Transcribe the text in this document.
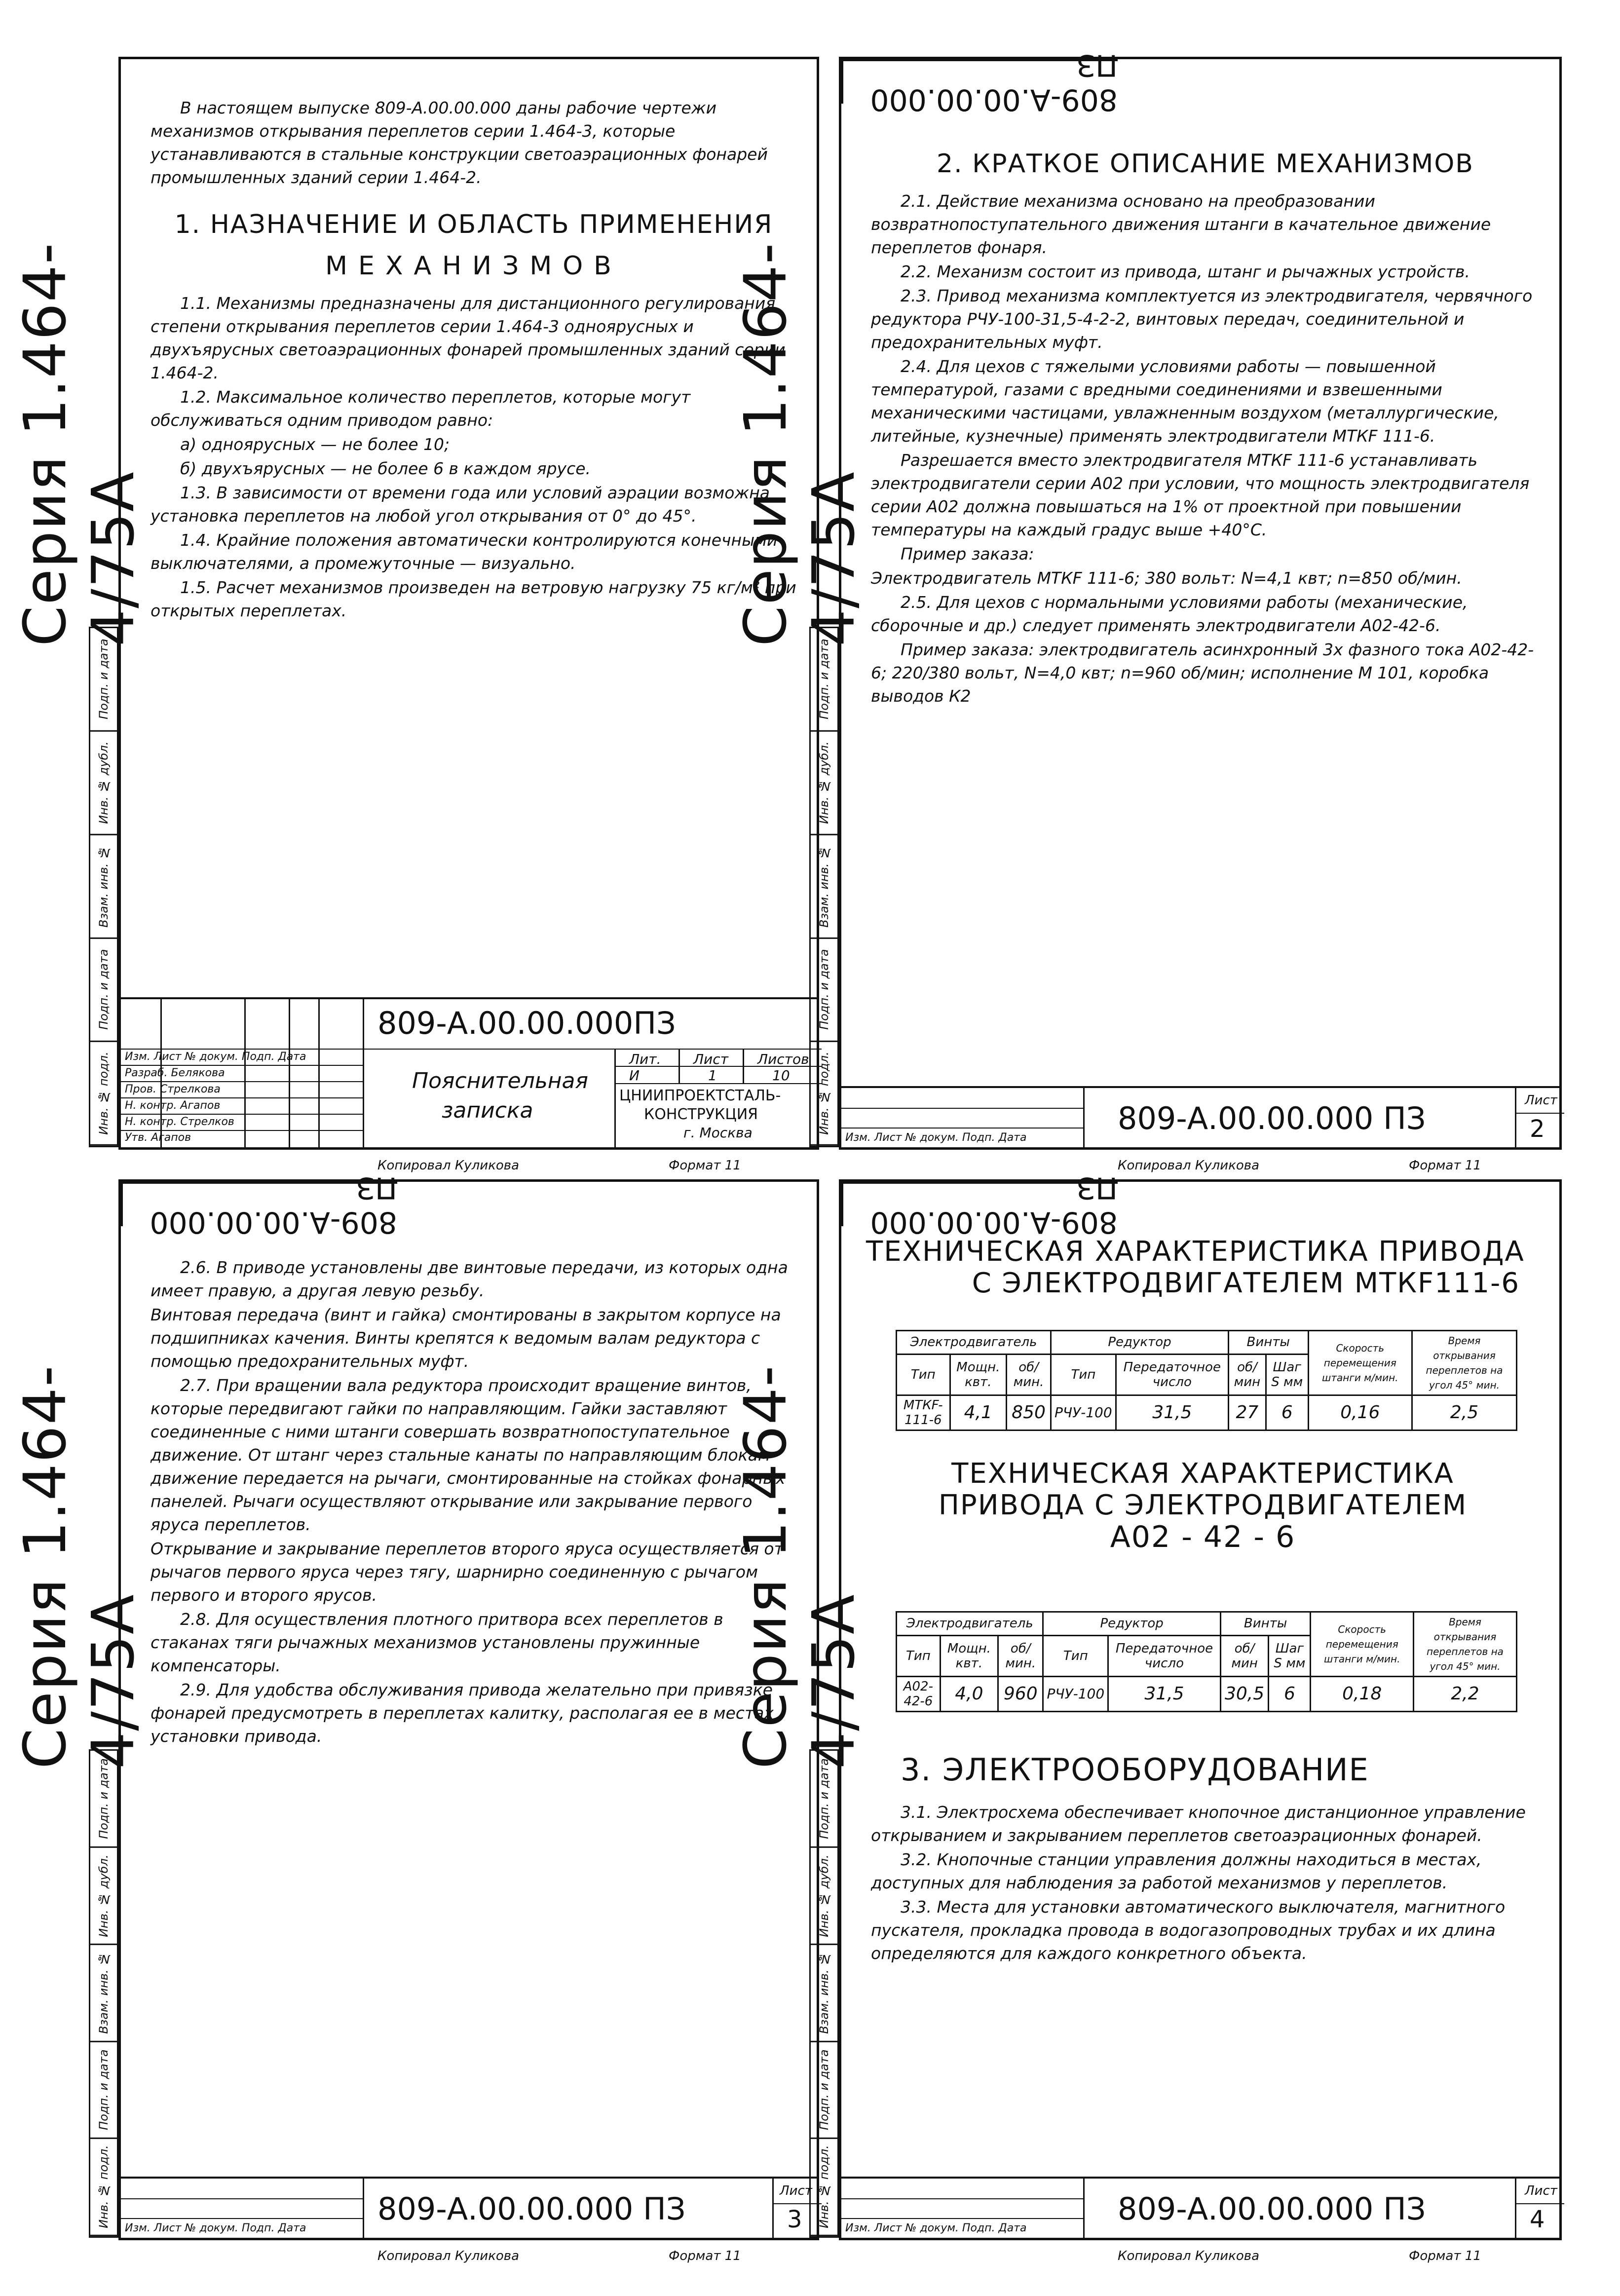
Серия 1.464-4/75А
Инв. № подл.
Подп. и дата
Взам. инв. №
Инв. № дубл.
Подп. и дата

В настоящем выпуске 809-А.00.00.000 даны рабочие чертежи механизмов открывания переплетов серии 1.464-3, которые устанавливаются в стальные конструкции светоаэрационных фонарей промышленных зданий серии 1.464-2.

1. НАЗНАЧЕНИЕ И ОБЛАСТЬ ПРИМЕНЕНИЯ
МЕХАНИЗМОВ

1.1. Механизмы предназначены для дистанционного регулирования степени открывания переплетов серии 1.464-3 одноярусных и двухъярусных светоаэрационных фонарей промышленных зданий серии 1.464-2.

1.2. Максимальное количество переплетов, которые могут обслуживаться одним приводом равно:

а) одноярусных — не более 10;

б) двухъярусных — не более 6 в каждом ярусе.

1.3. В зависимости от времени года или условий аэрации возможна установка переплетов на любой угол открывания от 0° до 45°.

1.4. Крайние положения автоматически контролируются конечными выключателями, а промежуточные — визуально.

1.5. Расчет механизмов произведен на ветровую нагрузку 75 кг/м² при открытых переплетах.

809-А.00.00.000ПЗ
Изм. Лист № докум. Подп. Дата
Разраб. Белякова
Пров. Стрелкова
Н. контр. Агапов
Н. контр. Стрелков
Утв. Агапов
Пояснительная
записка
Лит. Лист Листов
И	1	10
ЦНИИПРОЕКТСТАЛЬ-
КОНСТРУКЦИЯ
г. Москва
Копировал Куликова	Формат 11
Серия 1.464-4/75А
Инв. № подл.
Подп. и дата
Взам. инв. №
Инв. № дубл.
Подп. и дата
809-А.00.00.000 ПЗ
2. КРАТКОЕ ОПИСАНИЕ МЕХАНИЗМОВ

2.1. Действие механизма основано на преобразовании возвратнопоступательного движения штанги в качательное движение переплетов фонаря.

2.2. Механизм состоит из привода, штанг и рычажных устройств.

2.3. Привод механизма комплектуется из электродвигателя, червячного редуктора РЧУ-100-31,5-4-2-2, винтовых передач, соединительной и предохранительных муфт.

2.4. Для цехов с тяжелыми условиями работы — повышенной температурой, газами с вредными соединениями и взвешенными механическими частицами, увлажненным воздухом (металлургические, литейные, кузнечные) применять электродвигатели МТКF 111-6.

Разрешается вместо электродвигателя МТКF 111-6 устанавливать электродвигатели серии А02 при условии, что мощность электродвигателя серии А02 должна повышаться на 1% от проектной при повышении температуры на каждый градус выше +40°С.

Пример заказа:

Электродвигатель МТКF 111-6; 380 вольт: N=4,1 квт; n=850 об/мин.

2.5. Для цехов с нормальными условиями работы (механические, сборочные и др.) следует применять электродвигатели А02-42-6.

Пример заказа: электродвигатель асинхронный 3х фазного тока А02-42-6; 220/380 вольт, N=4,0 квт; n=960 об/мин; исполнение М 101, коробка выводов К2

809-А.00.00.000 ПЗ
Изм. Лист № докум. Подп. Дата
Лист
2
Копировал Куликова	Формат 11
Серия 1.464-4/75А
Инв. № подл.
Подп. и дата
Взам. инв. №
Инв. № дубл.
Подп. и дата
809-А.00.00.000 ПЗ

2.6. В приводе установлены две винтовые передачи, из которых одна имеет правую, а другая левую резьбу.

Винтовая передача (винт и гайка) смонтированы в закрытом корпусе на подшипниках качения. Винты крепятся к ведомым валам редуктора с помощью предохранительных муфт.

2.7. При вращении вала редуктора происходит вращение винтов, которые передвигают гайки по направляющим. Гайки заставляют соединенные с ними штанги совершать возвратнопоступательное движение. От штанг через стальные канаты по направляющим блокам движение передается на рычаги, смонтированные на стойках фонарных панелей. Рычаги осуществляют открывание или закрывание первого яруса переплетов.

Открывание и закрывание переплетов второго яруса осуществляется от рычагов первого яруса через тягу, шарнирно соединенную с рычагом первого и второго ярусов.

2.8. Для осуществления плотного притвора всех переплетов в стаканах тяги рычажных механизмов установлены пружинные компенсаторы.

2.9. Для удобства обслуживания привода желательно при привязке фонарей предусмотреть в переплетах калитку, располагая ее в местах установки привода.

809-А.00.00.000 ПЗ
Изм. Лист № докум. Подп. Дата
Лист
3
Копировал Куликова	Формат 11
Серия 1.464-4/75А
Инв. № подл.
Подп. и дата
Взам. инв. №
Инв. № дубл.
Подп. и дата
809-А.00.00.000 ПЗ
ТЕХНИЧЕСКАЯ ХАРАКТЕРИСТИКА ПРИВОДА
С ЭЛЕКТРОДВИГАТЕЛЕМ МТКF111-6
Электродвигатель			Редуктор		Винты		Скорость перемещения штанги м/мин.	Время открывания переплетов на угол 45° мин.
Тип	Мощн. квт.	об/мин.	Тип	Передаточное число	об/мин	Шаг S мм		
МТКF-111-6	4,1	850	РЧУ-100	31,5	27	6	0,16	2,5
ТЕХНИЧЕСКАЯ ХАРАКТЕРИСТИКА
ПРИВОДА С ЭЛЕКТРОДВИГАТЕЛЕМ
А02 - 42 - 6
Электродвигатель			Редуктор		Винты		Скорость перемещения штанги м/мин.	Время открывания переплетов на угол 45° мин.
Тип	Мощн. квт.	об/мин.	Тип	Передаточное число	об/мин	Шаг S мм		
А02-42-6	4,0	960	РЧУ-100	31,5	30,5	6	0,18	2,2
3. ЭЛЕКТРООБОРУДОВАНИЕ

3.1. Электросхема обеспечивает кнопочное дистанционное управление открыванием и закрыванием переплетов светоаэрационных фонарей.

3.2. Кнопочные станции управления должны находиться в местах, доступных для наблюдения за работой механизмов у переплетов.

3.3. Места для установки автоматического выключателя, магнитного пускателя, прокладка провода в водогазопроводных трубах и их длина определяются для каждого конкретного объекта.

809-А.00.00.000 ПЗ
Изм. Лист № докум. Подп. Дата
Лист
4
Копировал Куликова	Формат 11
